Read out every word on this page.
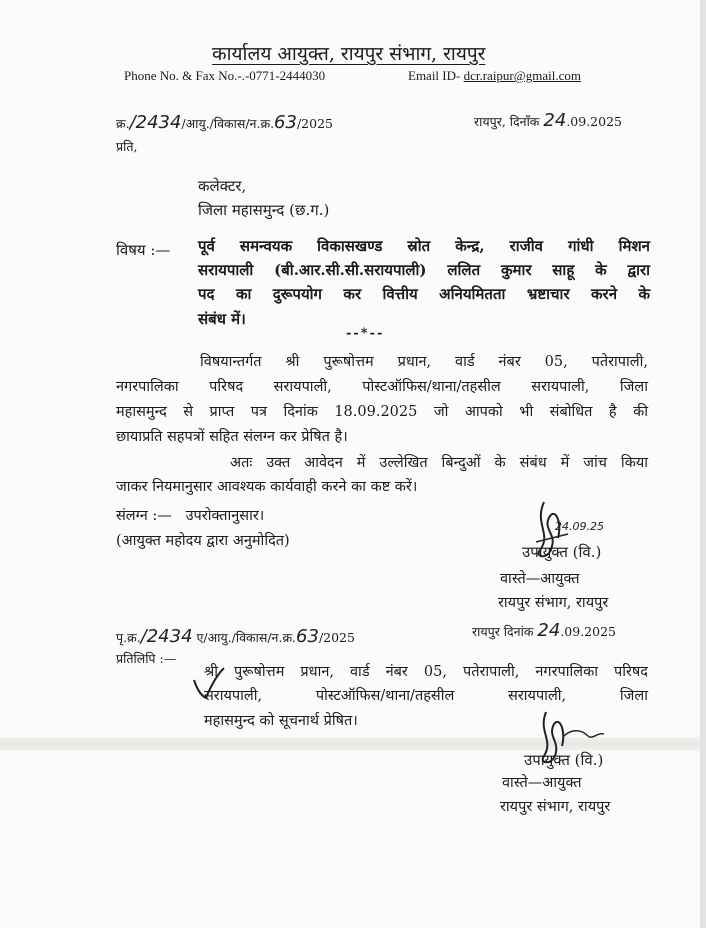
कार्यालय आयुक्त, रायपुर संभाग, रायपुर
Phone No. & Fax No.-.-0771-2444030	Email ID- dcr.raipur@gmail.com
क्र./2434/आयु./विकास/न.क्र.63/2025	रायपुर, दिनाँक 24.09.2025
प्रति,
कलेक्टर,
जिला महासमुन्द (छ.ग.)
विषय :— पूर्व समन्वयक विकासखण्ड स्रोत केन्द्र, राजीव गांधी मिशन
सरायपाली (बी.आर.सी.सी.सरायपाली) ललित कुमार साहू के द्वारा
पद का दुरूपयोग कर वित्तीय अनियमितता भ्रष्टाचार करने के
संबंध में।
--*--
विषयान्तर्गत श्री पुरूषोत्तम प्रधान, वार्ड नंबर 05, पतेरापाली,
नगरपालिका परिषद सरायपाली, पोस्टऑफिस/थाना/तहसील सरायपाली, जिला
महासमुन्द से प्राप्त पत्र दिनांक 18.09.2025 जो आपको भी संबोधित है की
छायाप्रति सहपत्रों सहित संलग्न कर प्रेषित है।
अतः उक्त आवेदन में उल्लेखित बिन्दुओं के संबंध में जांच किया
जाकर नियमानुसार आवश्यक कार्यवाही करने का कष्ट करें।
संलग्न :—   उपरोक्तानुसार।
(आयुक्त महोदय द्वारा अनुमोदित)
24.09.25
उपायुक्त (वि.)
वास्ते—आयुक्त
रायपुर संभाग, रायपुर
पृ.क्र./2434 ए/आयु./विकास/न.क्र.63/2025	रायपुर दिनांक 24.09.2025
प्रतिलिपि :—
श्री पुरूषोत्तम प्रधान, वार्ड नंबर 05, पतेरापाली, नगरपालिका परिषद
सरायपाली,   पोस्टऑफिस/थाना/तहसील   सरायपाली,   जिला
महासमुन्द को सूचनार्थ प्रेषित।
उपायुक्त (वि.)
वास्ते—आयुक्त
रायपुर संभाग, रायपुर
